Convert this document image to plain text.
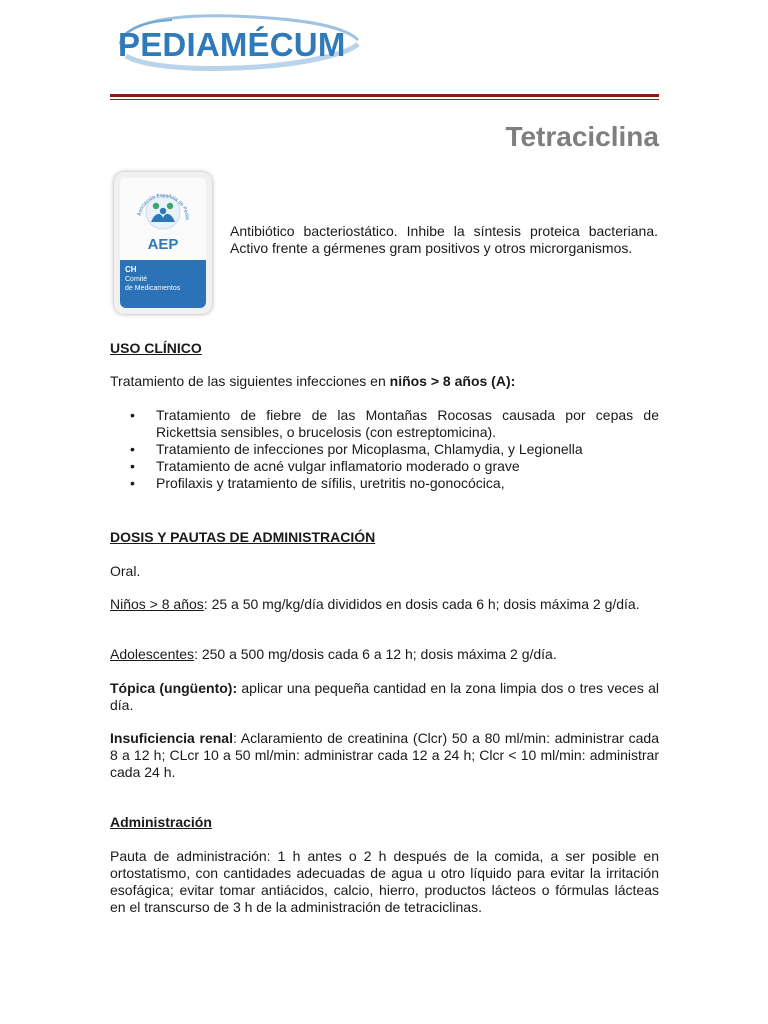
PEDIAMÉCUM
Tetraciclina
Asociación Española de Pedia
AEP
CH
Comité
de Medicamentos

Antibiótico bacteriostático. Inhibe la síntesis proteica bacteriana. Activo frente a gérmenes gram positivos y otros microrganismos.

USO CLÍNICO

Tratamiento de las siguientes infecciones en niños > 8 años (A):

• Tratamiento de fiebre de las Montañas Rocosas causada por cepas de Rickettsia sensibles, o brucelosis (con estreptomicina).
• Tratamiento de infecciones por Micoplasma, Chlamydia, y Legionella
• Tratamiento de acné vulgar inflamatorio moderado o grave
• Profilaxis y tratamiento de sífilis, uretritis no-gonocócica,
DOSIS Y PAUTAS DE ADMINISTRACIÓN

Oral.

Niños > 8 años: 25 a 50 mg/kg/día divididos en dosis cada 6 h; dosis máxima 2 g/día.

Adolescentes: 250 a 500 mg/dosis cada 6 a 12 h; dosis máxima 2 g/día.

Tópica (ungüento): aplicar una pequeña cantidad en la zona limpia dos o tres veces al día.

Insuficiencia renal: Aclaramiento de creatinina (Clcr) 50 a 80 ml/min: administrar cada 8 a 12 h; CLcr 10 a 50 ml/min: administrar cada 12 a 24 h; Clcr < 10 ml/min: administrar cada 24 h.

Administración

Pauta de administración: 1 h antes o 2 h después de la comida, a ser posible en ortostatismo, con cantidades adecuadas de agua u otro líquido para evitar la irritación esofágica; evitar tomar antiácidos, calcio, hierro, productos lácteos o fórmulas lácteas en el transcurso de 3 h de la administración de tetraciclinas.
